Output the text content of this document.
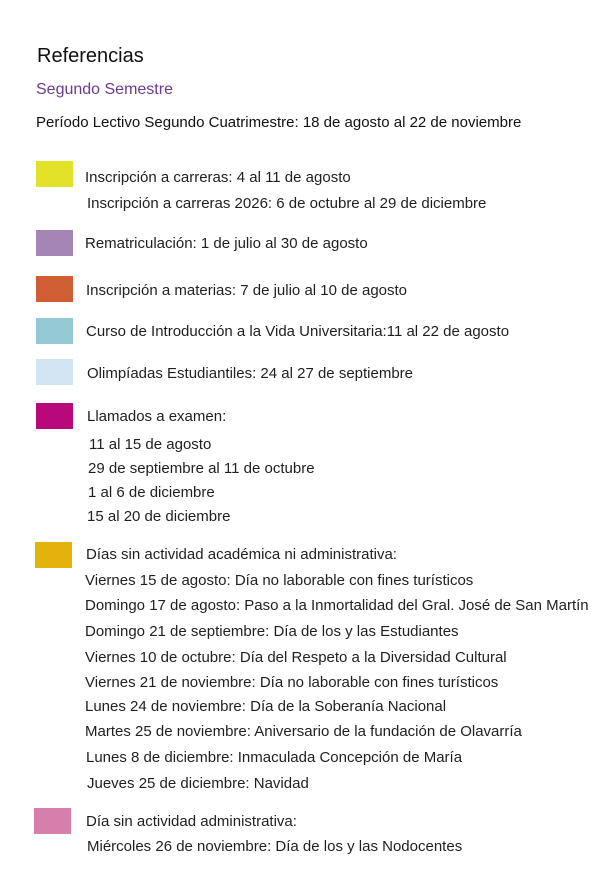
Referencias
Segundo Semestre
Período Lectivo Segundo Cuatrimestre: 18 de agosto al 22 de noviembre
Inscripción a carreras: 4 al 11 de agosto
Inscripción a carreras 2026: 6 de octubre al 29 de diciembre
Rematriculación: 1 de julio al 30 de agosto
Inscripción a materias: 7 de julio al 10 de agosto
Curso de Introducción a la Vida Universitaria:11 al 22 de agosto
Olimpíadas Estudiantiles: 24 al 27 de septiembre
Llamados a examen:
11 al 15 de agosto
29 de septiembre al 11 de octubre
1 al 6 de diciembre
15 al 20 de diciembre
Días sin actividad académica ni administrativa:
Viernes 15 de agosto: Día no laborable con fines turísticos
Domingo 17 de agosto: Paso a la Inmortalidad del Gral. José de San Martín
Domingo 21 de septiembre: Día de los y las Estudiantes
Viernes 10 de octubre: Día del Respeto a la Diversidad Cultural
Viernes 21 de noviembre: Día no laborable con fines turísticos
Lunes 24 de noviembre: Día de la Soberanía Nacional
Martes 25 de noviembre: Aniversario de la fundación de Olavarría
Lunes 8 de diciembre: Inmaculada Concepción de María
Jueves 25 de diciembre: Navidad
Día sin actividad administrativa:
Miércoles 26 de noviembre: Día de los y las Nodocentes
